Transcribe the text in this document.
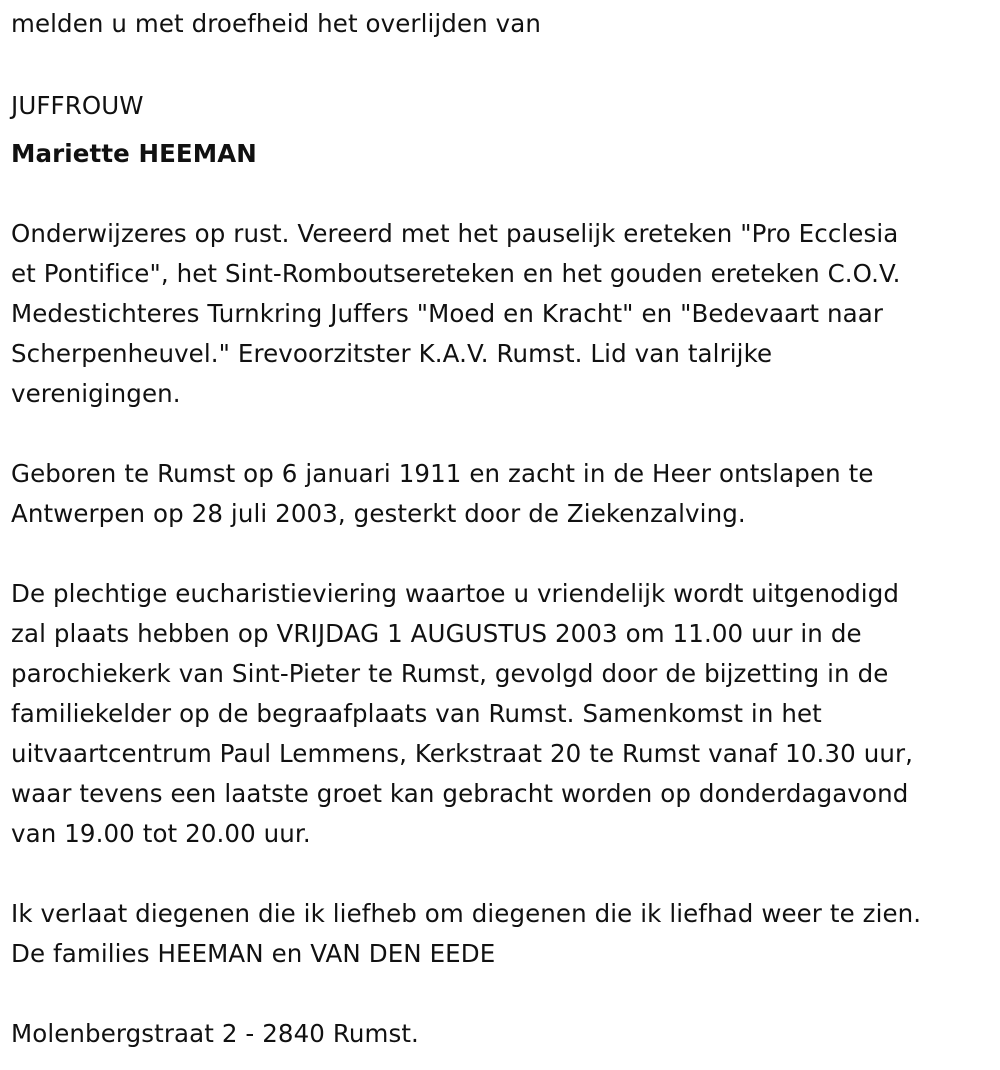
melden u met droefheid het overlijden van
JUFFROUW
Mariette HEEMAN
Onderwijzeres op rust. Vereerd met het pauselijk ereteken "Pro Ecclesia
et Pontifice", het Sint-Romboutsereteken en het gouden ereteken C.O.V.
Medestichteres Turnkring Juffers "Moed en Kracht" en "Bedevaart naar
Scherpenheuvel." Erevoorzitster K.A.V. Rumst. Lid van talrijke
verenigingen.
Geboren te Rumst op 6 januari 1911 en zacht in de Heer ontslapen te
Antwerpen op 28 juli 2003, gesterkt door de Ziekenzalving.
De plechtige eucharistieviering waartoe u vriendelijk wordt uitgenodigd
zal plaats hebben op VRIJDAG 1 AUGUSTUS 2003 om 11.00 uur in de
parochiekerk van Sint-Pieter te Rumst, gevolgd door de bijzetting in de
familiekelder op de begraafplaats van Rumst. Samenkomst in het
uitvaartcentrum Paul Lemmens, Kerkstraat 20 te Rumst vanaf 10.30 uur,
waar tevens een laatste groet kan gebracht worden op donderdagavond
van 19.00 tot 20.00 uur.
Ik verlaat diegenen die ik liefheb om diegenen die ik liefhad weer te zien.
De families HEEMAN en VAN DEN EEDE
Molenbergstraat 2 - 2840 Rumst.
